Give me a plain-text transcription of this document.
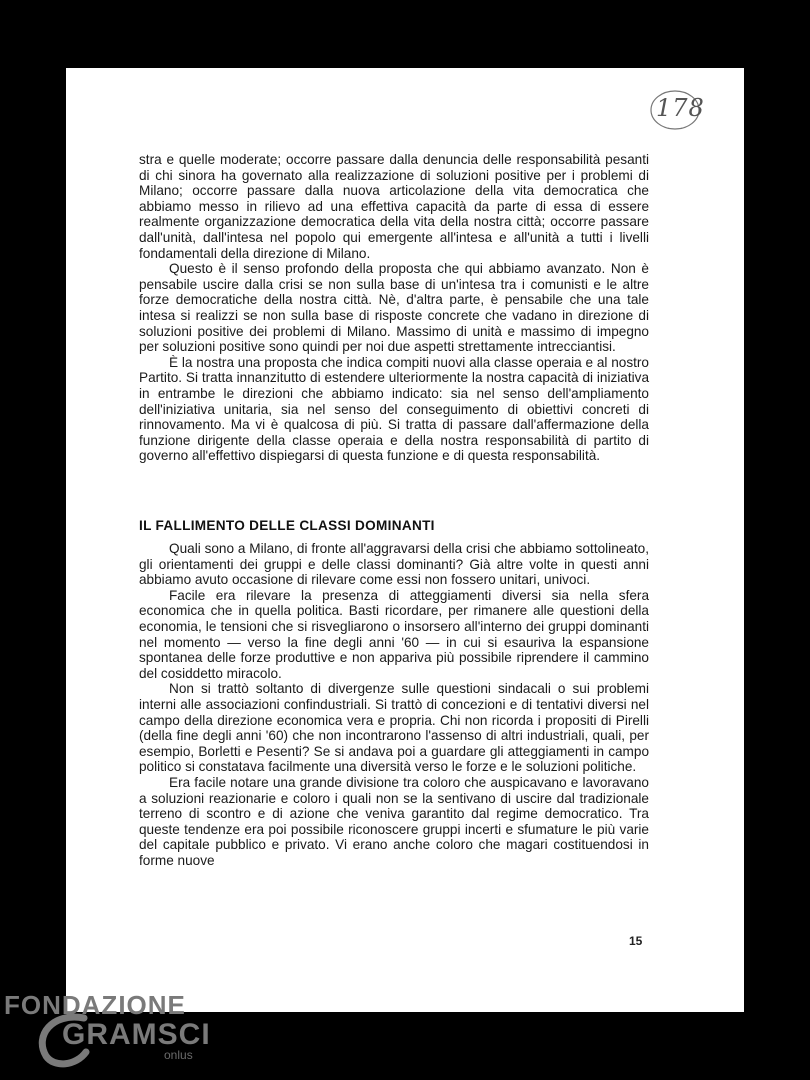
178

stra e quelle moderate; occorre passare dalla denuncia delle responsabilità pesanti di chi sinora ha governato alla realizzazione di soluzioni positive per i problemi di Milano; occorre passare dalla nuova articolazione della vita democratica che abbiamo messo in rilievo ad una effettiva capacità da parte di essa di essere realmente organizzazione democratica della vita della nostra città; occorre passare dall'unità, dall'intesa nel popolo qui emergente all'intesa e all'unità a tutti i livelli fondamentali della direzione di Milano.

Questo è il senso profondo della proposta che qui abbiamo avanzato. Non è pensabile uscire dalla crisi se non sulla base di un'intesa tra i comunisti e le altre forze democratiche della nostra città. Nè, d'altra parte, è pensabile che una tale intesa si realizzi se non sulla base di risposte concrete che vadano in direzione di soluzioni positive dei problemi di Milano. Massimo di unità e massimo di impegno per soluzioni positive sono quindi per noi due aspetti strettamente intrecciantisi.

È la nostra una proposta che indica compiti nuovi alla classe operaia e al nostro Partito. Si tratta innanzitutto di estendere ulteriormente la nostra capacità di iniziativa in entrambe le direzioni che abbiamo indicato: sia nel senso dell'ampliamento dell'iniziativa unitaria, sia nel senso del conseguimento di obiettivi concreti di rinnovamento. Ma vi è qualcosa di più. Si tratta di passare dall'affermazione della funzione dirigente della classe operaia e della nostra responsabilità di partito di governo all'effettivo dispiegarsi di questa funzione e di questa responsabilità.

IL FALLIMENTO DELLE CLASSI DOMINANTI

Quali sono a Milano, di fronte all'aggravarsi della crisi che abbiamo sottolineato, gli orientamenti dei gruppi e delle classi dominanti? Già altre volte in questi anni abbiamo avuto occasione di rilevare come essi non fossero unitari, univoci.

Facile era rilevare la presenza di atteggiamenti diversi sia nella sfera economica che in quella politica. Basti ricordare, per rimanere alle questioni della economia, le tensioni che si risvegliarono o insorsero all'interno dei gruppi dominanti nel momento — verso la fine degli anni '60 — in cui si esauriva la espansione spontanea delle forze produttive e non appariva più possibile riprendere il cammino del cosiddetto miracolo.

Non si trattò soltanto di divergenze sulle questioni sindacali o sui problemi interni alle associazioni confindustriali. Si trattò di concezioni e di tentativi diversi nel campo della direzione economica vera e propria. Chi non ricorda i propositi di Pirelli (della fine degli anni '60) che non incontrarono l'assenso di altri industriali, quali, per esempio, Borletti e Pesenti? Se si andava poi a guardare gli atteggiamenti in campo politico si constatava facilmente una diversità verso le forze e le soluzioni politiche.

Era facile notare una grande divisione tra coloro che auspicavano e lavoravano a soluzioni reazionarie e coloro i quali non se la sentivano di uscire dal tradizionale terreno di scontro e di azione che veniva garantito dal regime democratico. Tra queste tendenze era poi possibile riconoscere gruppi incerti e sfumature le più varie del capitale pubblico e privato. Vi erano anche coloro che magari costituendosi in forme nuove

15
FONDAZIONE
GRAMSCI
onlus
